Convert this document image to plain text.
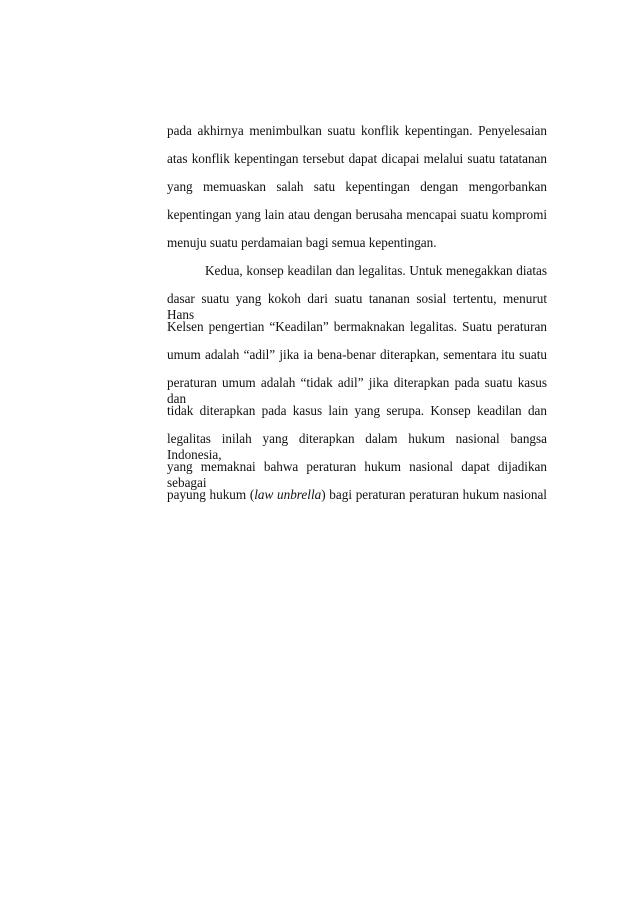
pada akhirnya menimbulkan suatu konflik kepentingan. Penyelesaian
atas konflik kepentingan tersebut dapat dicapai melalui suatu tatatanan
yang memuaskan salah satu kepentingan dengan mengorbankan
kepentingan yang lain atau dengan berusaha mencapai suatu kompromi
menuju suatu perdamaian bagi semua kepentingan.
Kedua, konsep keadilan dan legalitas. Untuk menegakkan diatas
dasar suatu yang kokoh dari suatu tananan sosial tertentu, menurut Hans
Kelsen pengertian “Keadilan” bermaknakan legalitas. Suatu peraturan
umum adalah “adil” jika ia bena-benar diterapkan, sementara itu suatu
peraturan umum adalah “tidak adil” jika diterapkan pada suatu kasus dan
tidak diterapkan pada kasus lain yang serupa. Konsep keadilan dan
legalitas inilah yang diterapkan dalam hukum nasional bangsa Indonesia,
yang memaknai bahwa peraturan hukum nasional dapat dijadikan sebagai
payung hukum (law unbrella) bagi peraturan peraturan hukum nasional
